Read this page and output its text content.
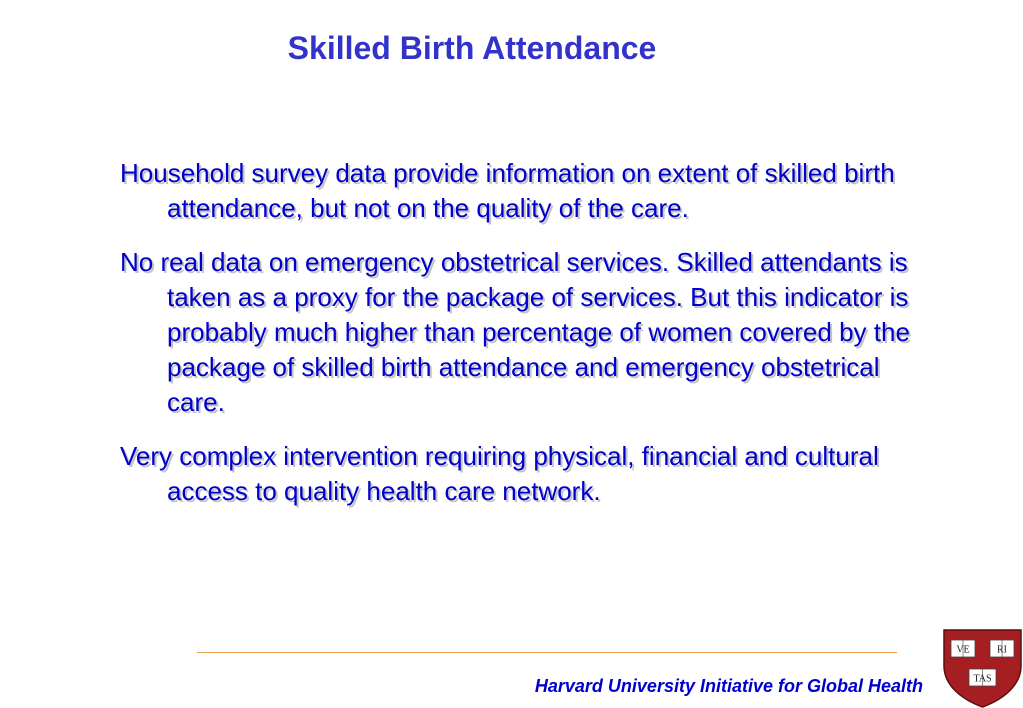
Skilled Birth Attendance
Household survey data provide information on extent of skilled birth attendance, but not on the quality of the care.
No real data on emergency obstetrical services. Skilled attendants is taken as a proxy for the package of services. But this indicator is probably much higher than percentage of women covered by the package of skilled birth attendance and emergency obstetrical care.
Very complex intervention requiring physical, financial and cultural access to quality health care network.
Harvard University Initiative for Global Health
VE	RI
TAS
